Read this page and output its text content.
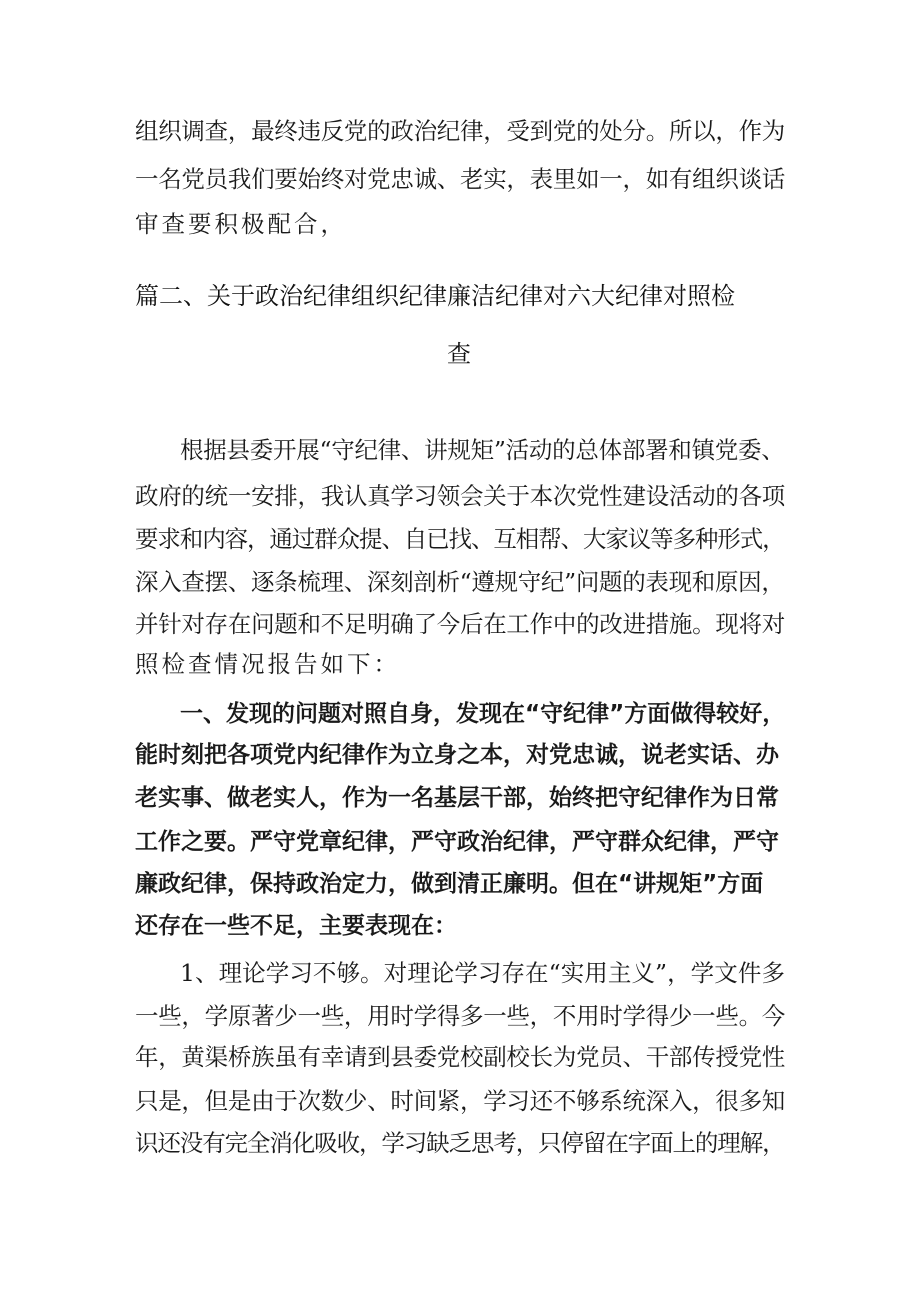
组织调查，最终违反党的政治纪律，受到党的处分。所以，作为
一名党员我们要始终对党忠诚、老实，表里如一，如有组织谈话
审查要积极配合，
篇二、关于政治纪律组织纪律廉洁纪律对六大纪律对照检
查
根据县委开展“守纪律、讲规矩”活动的总体部署和镇党委、
政府的统一安排，我认真学习领会关于本次党性建设活动的各项
要求和内容，通过群众提、自已找、互相帮、大家议等多种形式，
深入查摆、逐条梳理、深刻剖析“遵规守纪”问题的表现和原因，
并针对存在问题和不足明确了今后在工作中的改进措施。现将对
照检查情况报告如下：
一、发现的问题对照自身，发现在“守纪律”方面做得较好，
能时刻把各项党内纪律作为立身之本，对党忠诚，说老实话、办
老实事、做老实人，作为一名基层干部，始终把守纪律作为日常
工作之要。严守党章纪律，严守政治纪律，严守群众纪律，严守
廉政纪律，保持政治定力，做到清正廉明。但在“讲规矩”方面
还存在一些不足，主要表现在：
1、理论学习不够。对理论学习存在“实用主义”，学文件多
一些，学原著少一些，用时学得多一些，不用时学得少一些。今
年，黄渠桥族虽有幸请到县委党校副校长为党员、干部传授党性
只是，但是由于次数少、时间紧，学习还不够系统深入，很多知
识还没有完全消化吸收，学习缺乏思考，只停留在字面上的理解，
